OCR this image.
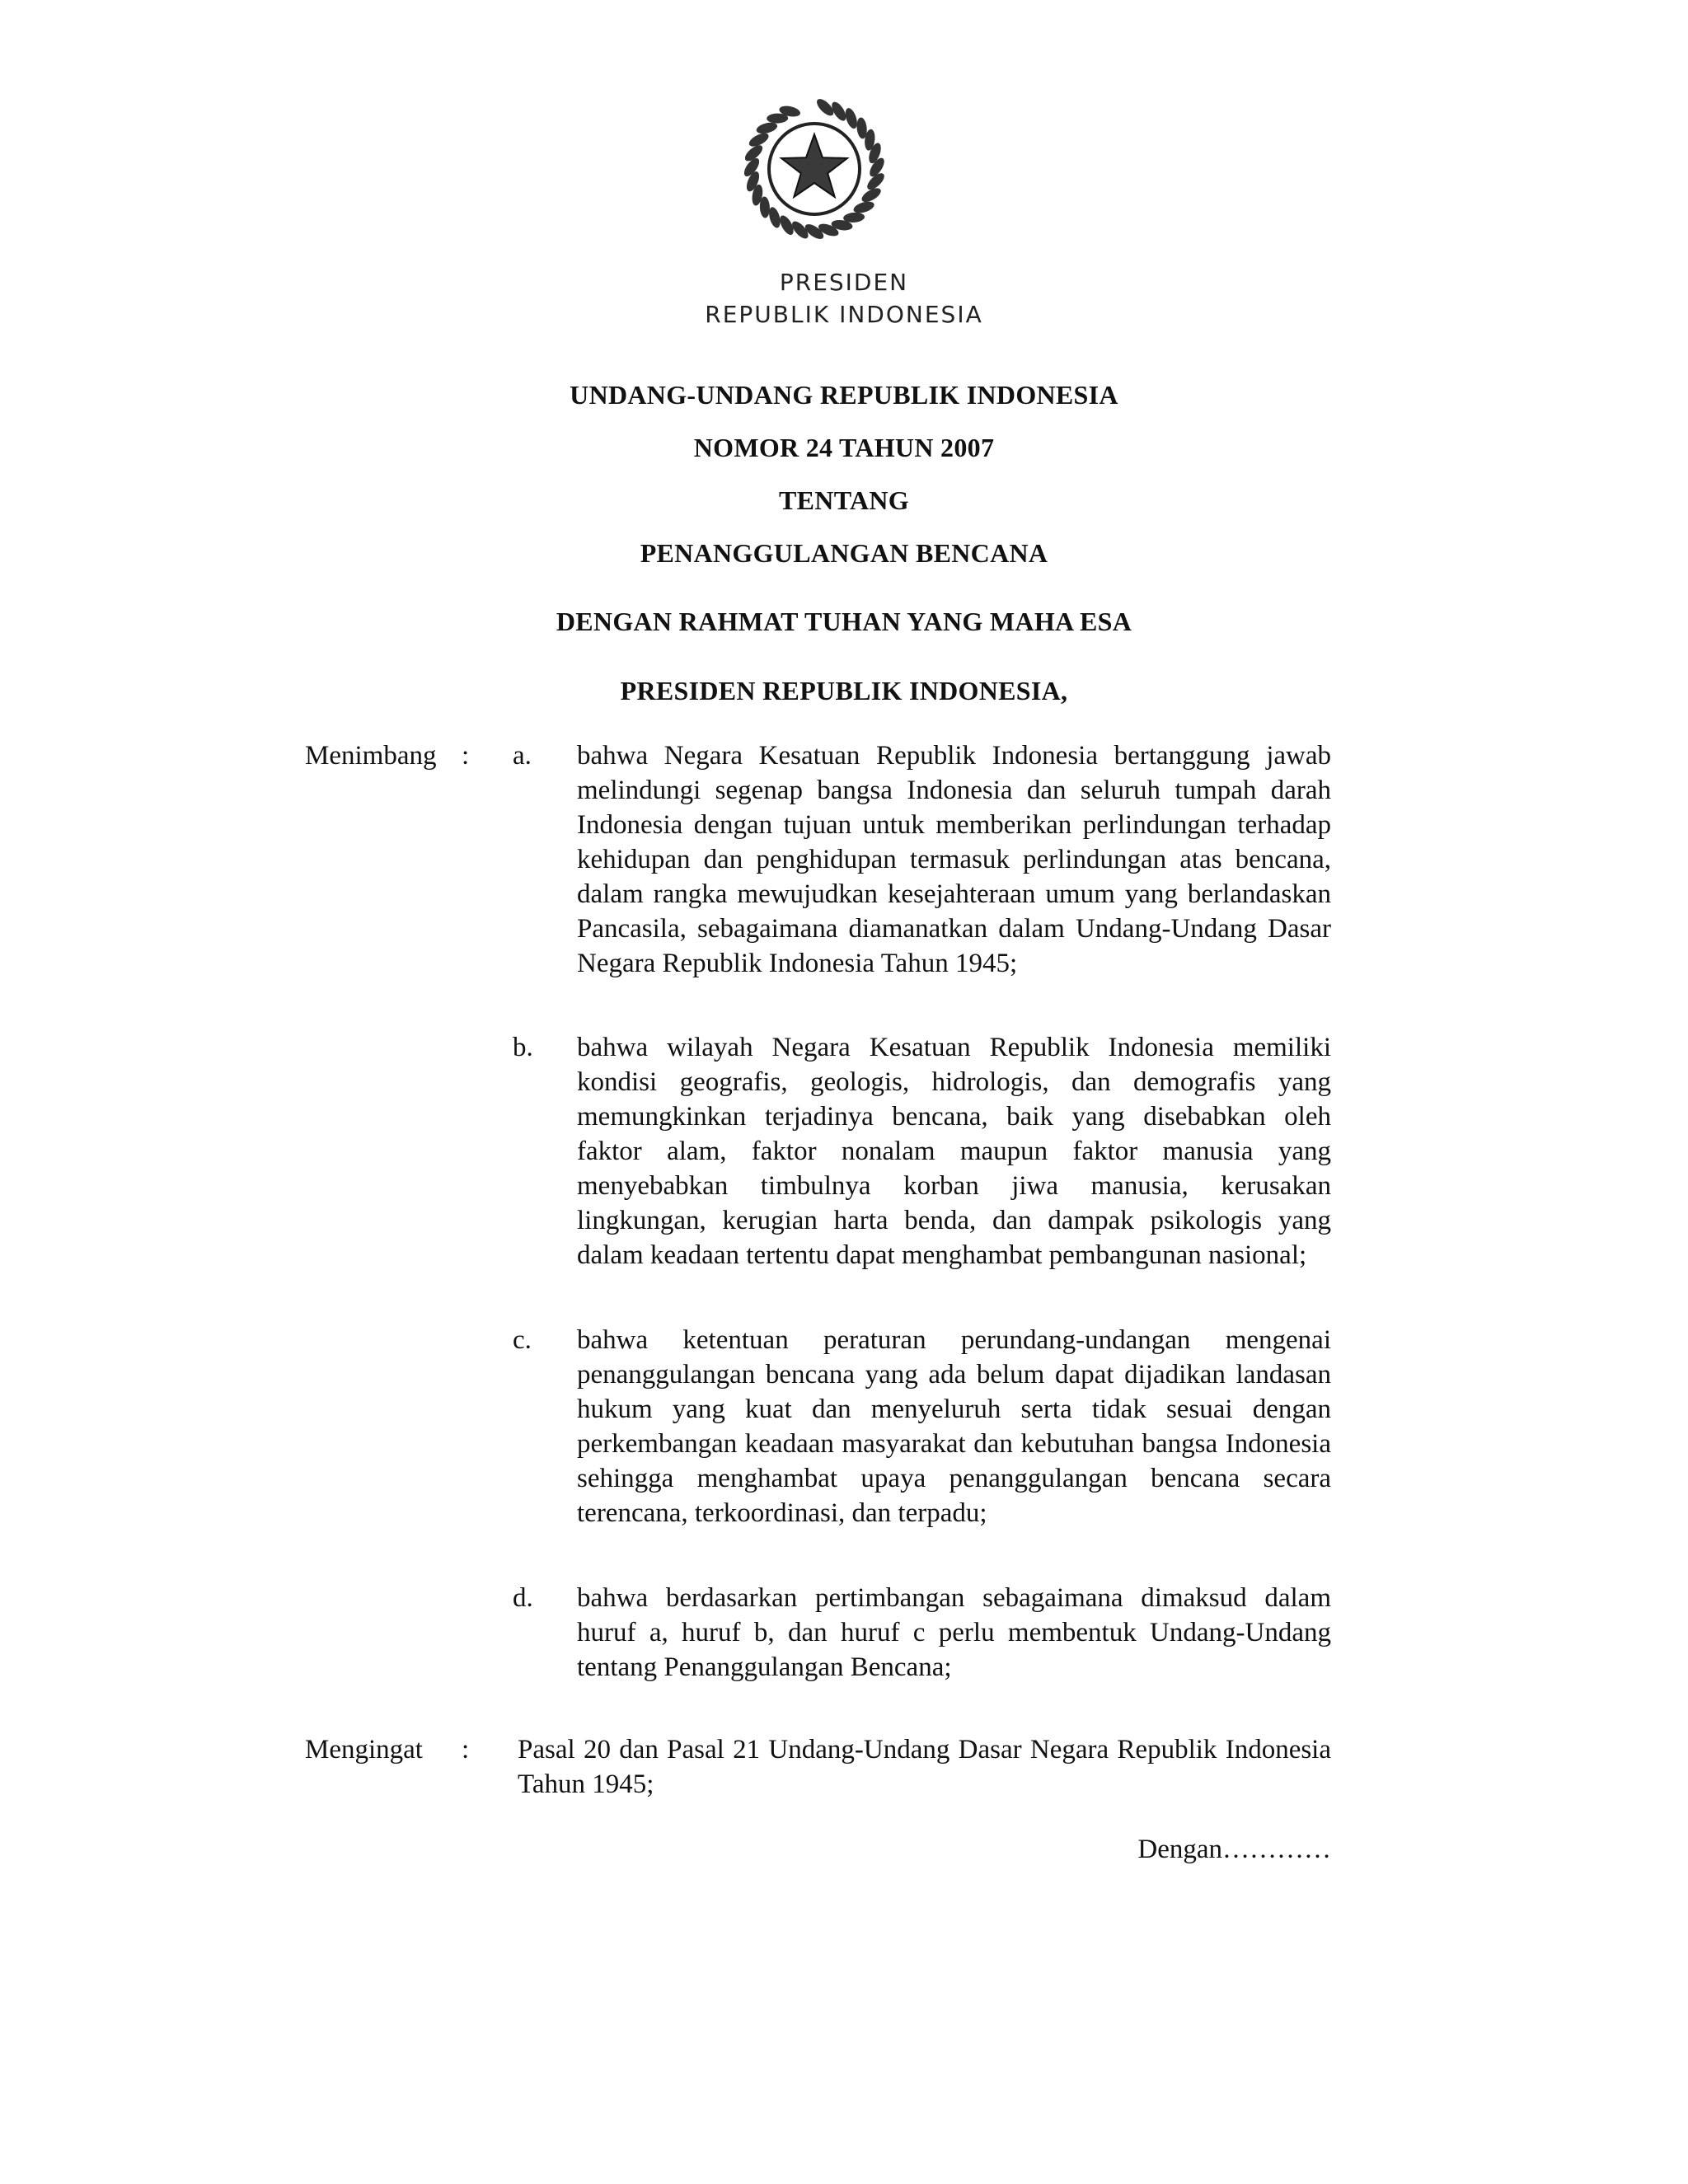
PRESIDEN
REPUBLIK INDONESIA
UNDANG-UNDANG REPUBLIK INDONESIA
NOMOR 24 TAHUN 2007
TENTANG
PENANGGULANGAN BENCANA
DENGAN RAHMAT TUHAN YANG MAHA ESA
PRESIDEN REPUBLIK INDONESIA,
Menimbang : a. bahwa Negara Kesatuan Republik Indonesia bertanggung jawab melindungi segenap bangsa Indonesia dan seluruh tumpah darah Indonesia dengan tujuan untuk memberikan perlindungan terhadap kehidupan dan penghidupan termasuk perlindungan atas bencana, dalam rangka mewujudkan kesejahteraan umum yang berlandaskan Pancasila, sebagaimana diamanatkan dalam Undang-Undang Dasar Negara Republik Indonesia Tahun 1945;
b. bahwa wilayah Negara Kesatuan Republik Indonesia memiliki kondisi geografis, geologis, hidrologis, dan demografis yang memungkinkan terjadinya bencana, baik yang disebabkan oleh faktor alam, faktor nonalam maupun faktor manusia yang menyebabkan timbulnya korban jiwa manusia, kerusakan lingkungan, kerugian harta benda, dan dampak psikologis yang dalam keadaan tertentu dapat menghambat pembangunan nasional;
c. bahwa ketentuan peraturan perundang-undangan mengenai penanggulangan bencana yang ada belum dapat dijadikan landasan hukum yang kuat dan menyeluruh serta tidak sesuai dengan perkembangan keadaan masyarakat dan kebutuhan bangsa Indonesia sehingga menghambat upaya penanggulangan bencana secara terencana, terkoordinasi, dan terpadu;
d. bahwa berdasarkan pertimbangan sebagaimana dimaksud dalam huruf a, huruf b, dan huruf c perlu membentuk Undang-Undang tentang Penanggulangan Bencana;
Mengingat : Pasal 20 dan Pasal 21 Undang-Undang Dasar Negara Republik Indonesia Tahun 1945;
Dengan…………
